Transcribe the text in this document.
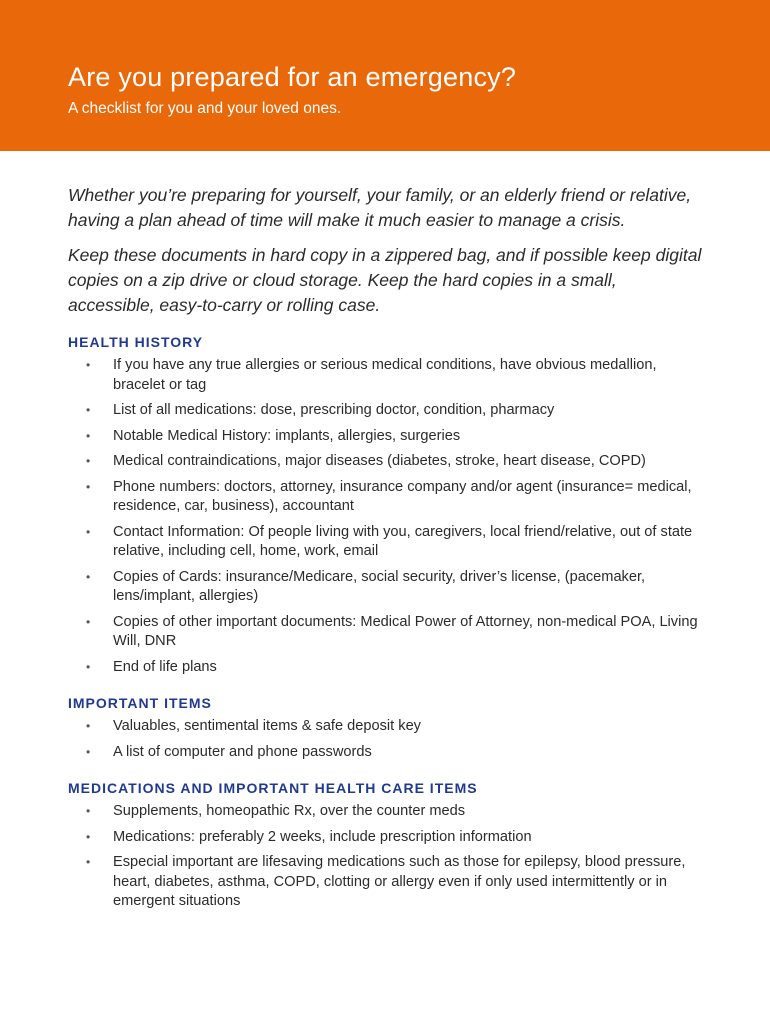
Are you prepared for an emergency?
A checklist for you and your loved ones.

Whether you’re preparing for yourself, your family, or an elderly friend or relative, having a plan ahead of time will make it much easier to manage a crisis.

Keep these documents in hard copy in a zippered bag, and if possible keep digital copies on a zip drive or cloud storage. Keep the hard copies in a small, accessible, easy-to-carry or rolling case.

HEALTH HISTORY
• If you have any true allergies or serious medical conditions, have obvious medallion, bracelet or tag
• List of all medications: dose, prescribing doctor, condition, pharmacy
• Notable Medical History: implants, allergies, surgeries
• Medical contraindications, major diseases (diabetes, stroke, heart disease, COPD)
• Phone numbers: doctors, attorney, insurance company and/or agent (insurance= medical, residence, car, business), accountant
• Contact Information: Of people living with you, caregivers, local friend/relative, out of state relative, including cell, home, work, email
• Copies of Cards: insurance/Medicare, social security, driver’s license, (pacemaker, lens/implant, allergies)
• Copies of other important documents: Medical Power of Attorney, non-medical POA, Living Will, DNR
• End of life plans
IMPORTANT ITEMS
• Valuables, sentimental items & safe deposit key
• A list of computer and phone passwords
MEDICATIONS AND IMPORTANT HEALTH CARE ITEMS
• Supplements, homeopathic Rx, over the counter meds
• Medications: preferably 2 weeks, include prescription information
• Especial important are lifesaving medications such as those for epilepsy, blood pressure, heart, diabetes, asthma, COPD, clotting or allergy even if only used intermittently or in emergent situations
